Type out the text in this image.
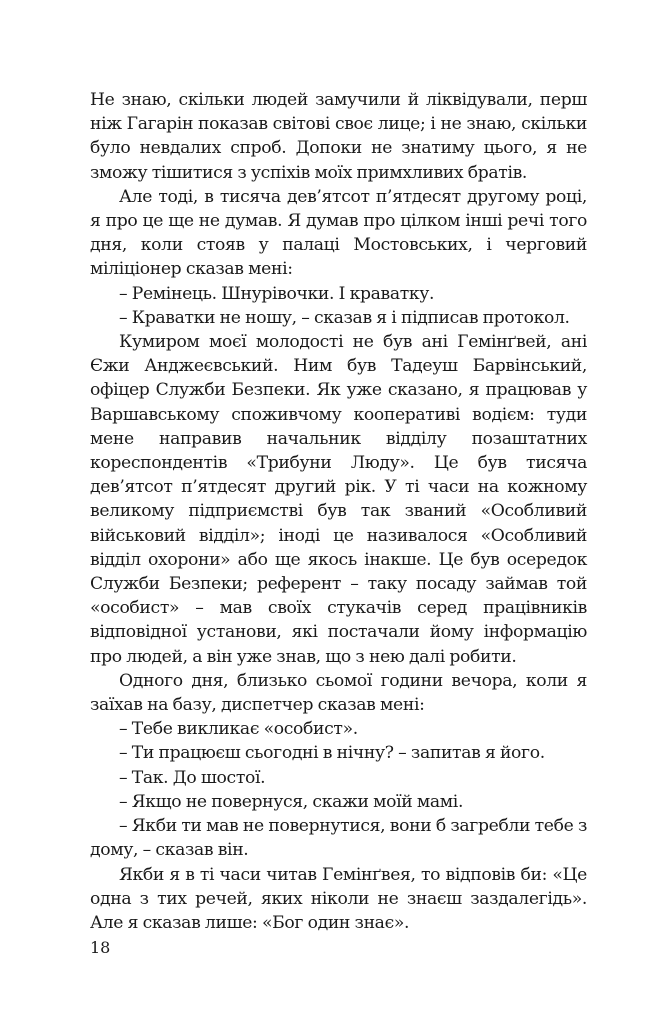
Не знаю, скільки людей замучили й ліквідували, перш ніж Гагарін показав світові своє лице; і не знаю, скільки було невдалих спроб. Допоки не знатиму цього, я не зможу тішитися з успіхів моїх примхливих братів.

Але тоді, в тисяча дев’ятсот п’ятдесят другому році, я про це ще не думав. Я думав про цілком інші речі того дня, коли стояв у палаці Мостовських, і черговий міліціонер сказав мені:

– Ремінець. Шнурівочки. І краватку.

– Краватки не ношу, – сказав я і підписав протокол.

Кумиром моєї молодості не був ані Гемінґвей, ані Єжи Анджеєвський. Ним був Тадеуш Барвінський, офіцер Служби Безпеки. Як уже сказано, я працював у Варшавському споживчому кооперативі водієм: туди мене направив начальник відділу позаштатних кореспондентів «Трибуни Люду». Це був тисяча дев’ятсот п’ятдесят другий рік. У ті часи на кожному великому підприємстві був так званий «Особливий військовий відділ»; іноді це називалося «Особливий відділ охорони» або ще якось інакше. Це був осередок Служби Безпеки; референт – таку посаду займав той «особист» – мав своїх стукачів серед працівників відповідної установи, які постачали йому інформацію про людей, а він уже знав, що з нею далі робити.

Одного дня, близько сьомої години вечора, коли я заїхав на базу, диспетчер сказав мені:

– Тебе викликає «особист».

– Ти працюєш сьогодні в нічну? – запитав я його.

– Так. До шостої.

– Якщо не повернуся, скажи моїй мамі.

– Якби ти мав не повернутися, вони б загребли тебе з дому, – сказав він.

Якби я в ті часи читав Гемінґвея, то відповів би: «Це одна з тих речей, яких ніколи не знаєш заздалегідь». Але я сказав лише: «Бог один знає».

18
